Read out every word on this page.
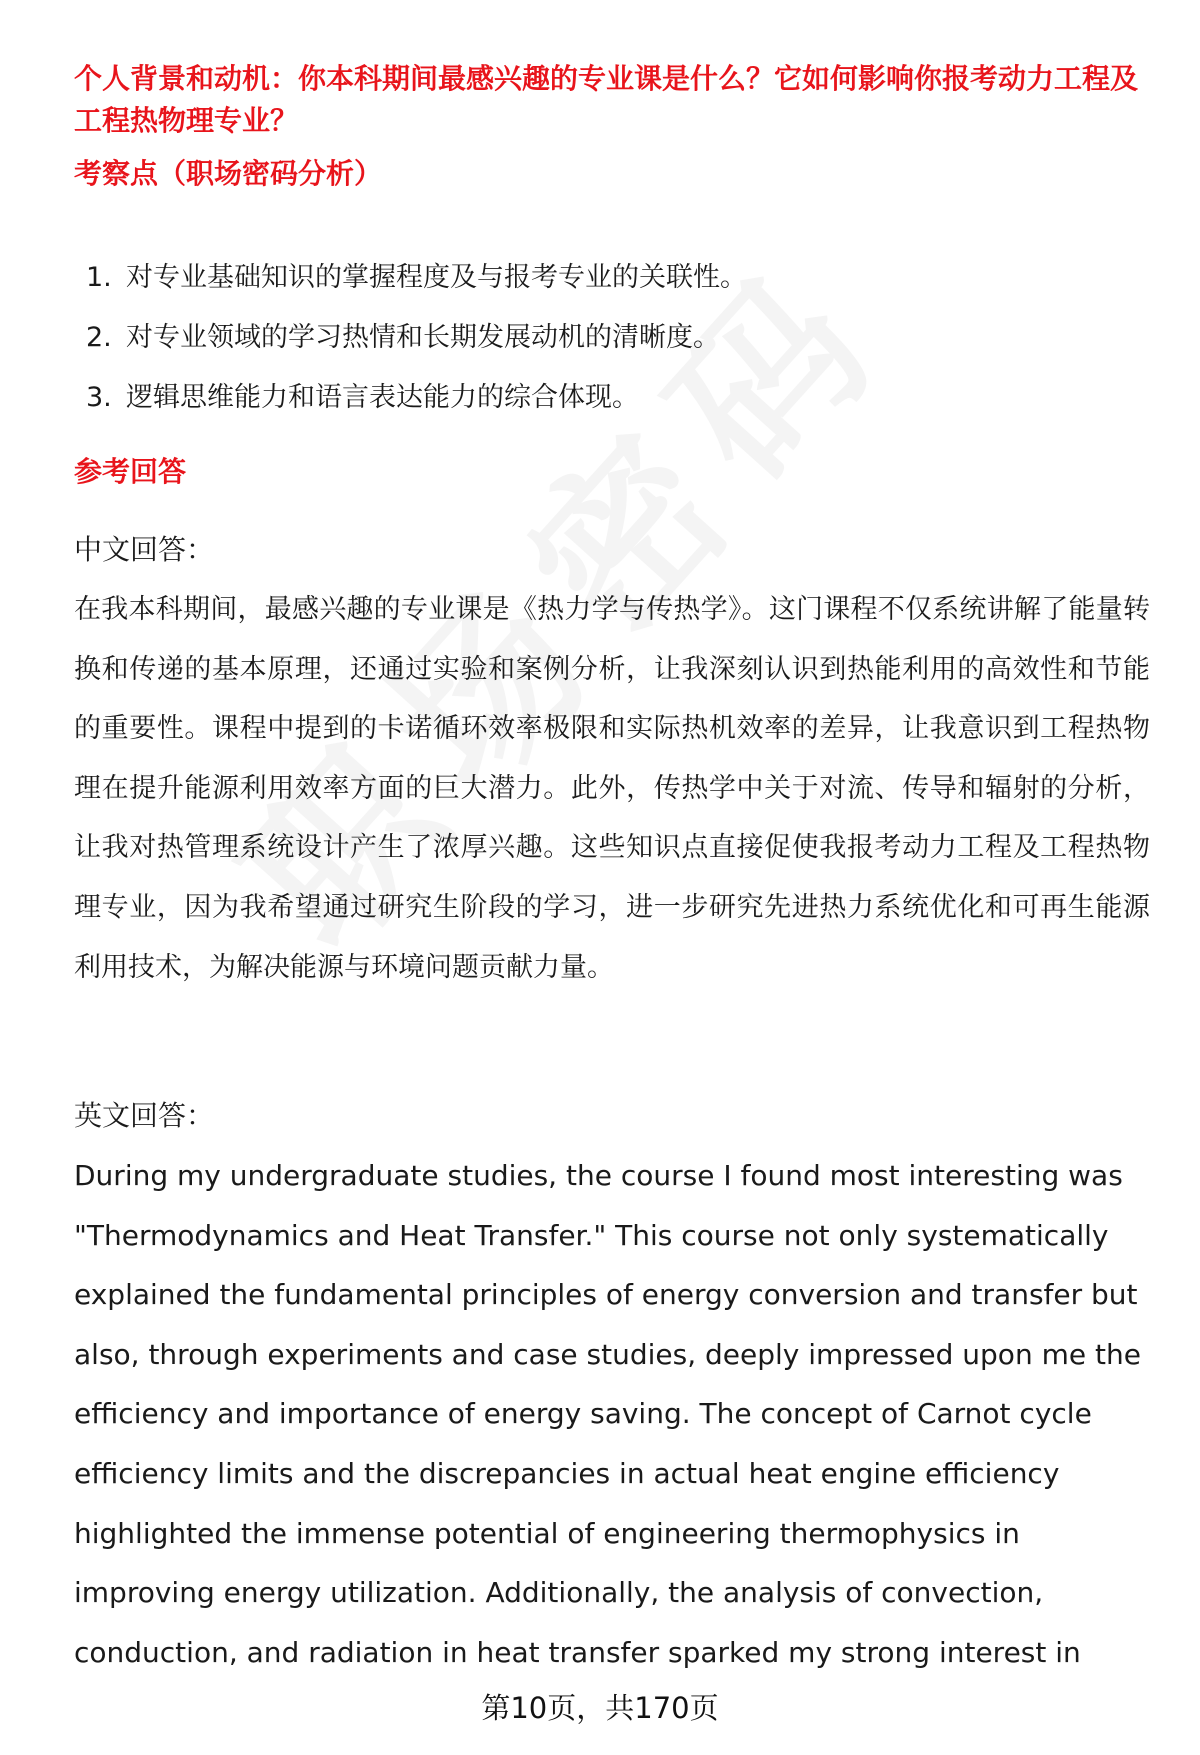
个人背景和动机：你本科期间最感兴趣的专业课是什么？它如何影响你报考动力工程及工程热物理专业？
考察点（职场密码分析）
1. 对专业基础知识的掌握程度及与报考专业的关联性。
2. 对专业领域的学习热情和长期发展动机的清晰度。
3. 逻辑思维能力和语言表达能力的综合体现。
参考回答

中文回答：

在我本科期间，最感兴趣的专业课是《热力学与传热学》。这门课程不仅系统讲解了能量转换和传递的基本原理，还通过实验和案例分析，让我深刻认识到热能利用的高效性和节能的重要性。课程中提到的卡诺循环效率极限和实际热机效率的差异，让我意识到工程热物理在提升能源利用效率方面的巨大潜力。此外，传热学中关于对流、传导和辐射的分析，让我对热管理系统设计产生了浓厚兴趣。这些知识点直接促使我报考动力工程及工程热物理专业，因为我希望通过研究生阶段的学习，进一步研究先进热力系统优化和可再生能源利用技术，为解决能源与环境问题贡献力量。

英文回答：

During my undergraduate studies, the course I found most interesting was "Thermodynamics and Heat Transfer." This course not only systematically explained the fundamental principles of energy conversion and transfer but also, through experiments and case studies, deeply impressed upon me the efficiency and importance of energy saving. The concept of Carnot cycle efficiency limits and the discrepancies in actual heat engine efficiency highlighted the immense potential of engineering thermophysics in improving energy utilization. Additionally, the analysis of convection, conduction, and radiation in heat transfer sparked my strong interest in

第10页，共170页
